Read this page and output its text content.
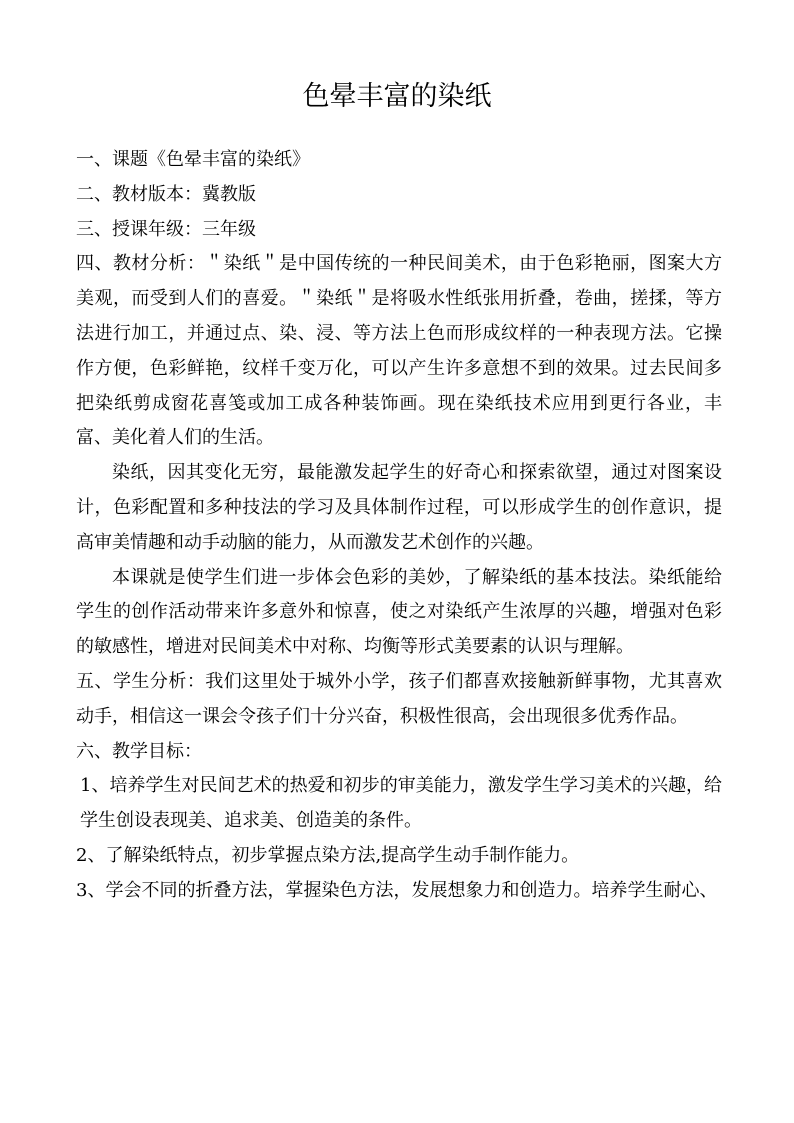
色晕丰富的染纸

一、课题《色晕丰富的染纸》

二、教材版本：冀教版

三、授课年级：三年级

四、教材分析：＂染纸＂是中国传统的一种民间美术，由于色彩艳丽，图案大方美观，而受到人们的喜爱。＂染纸＂是将吸水性纸张用折叠，卷曲，搓揉，等方法进行加工，并通过点、染、浸、等方法上色而形成纹样的一种表现方法。它操作方便，色彩鲜艳，纹样千变万化，可以产生许多意想不到的效果。过去民间多把染纸剪成窗花喜笺或加工成各种装饰画。现在染纸技术应用到更行各业，丰富、美化着人们的生活。

染纸，因其变化无穷，最能激发起学生的好奇心和探索欲望，通过对图案设计，色彩配置和多种技法的学习及具体制作过程，可以形成学生的创作意识，提高审美情趣和动手动脑的能力，从而激发艺术创作的兴趣。

本课就是使学生们进一步体会色彩的美妙，了解染纸的基本技法。染纸能给学生的创作活动带来许多意外和惊喜，使之对染纸产生浓厚的兴趣，增强对色彩的敏感性，增进对民间美术中对称、均衡等形式美要素的认识与理解。

五、学生分析：我们这里处于城外小学，孩子们都喜欢接触新鲜事物，尤其喜欢动手，相信这一课会令孩子们十分兴奋，积极性很高，会出现很多优秀作品。

六、教学目标：

1、培养学生对民间艺术的热爱和初步的审美能力，激发学生学习美术的兴趣，给学生创设表现美、追求美、创造美的条件。

2、了解染纸特点，初步掌握点染方法,提高学生动手制作能力。

3、学会不同的折叠方法，掌握染色方法，发展想象力和创造力。培养学生耐心、
